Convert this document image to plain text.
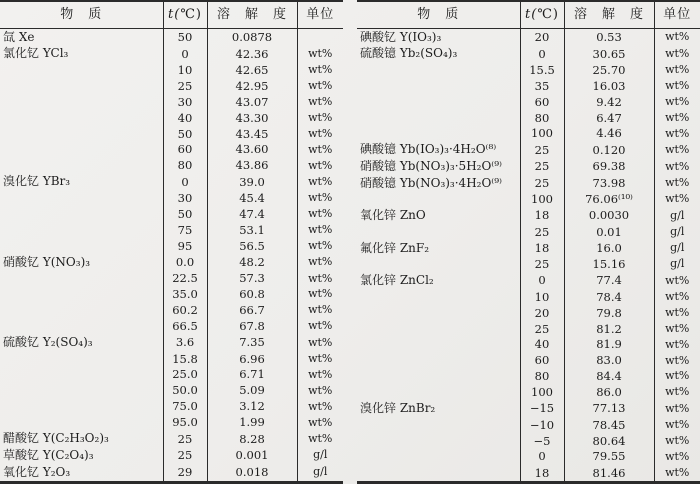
物　质	t(℃)	溶　解　度	单位
氙 Xe	50	0.0878	
氯化钇 YCl₃	0	42.36	wt%
	10	42.65	wt%
	25	42.95	wt%
	30	43.07	wt%
	40	43.30	wt%
	50	43.45	wt%
	60	43.60	wt%
	80	43.86	wt%
溴化钇 YBr₃	0	39.0	wt%
	30	45.4	wt%
	50	47.4	wt%
	75	53.1	wt%
	95	56.5	wt%
硝酸钇 Y(NO₃)₃	0.0	48.2	wt%
	22.5	57.3	wt%
	35.0	60.8	wt%
	60.2	66.7	wt%
	66.5	67.8	wt%
硫酸钇 Y₂(SO₄)₃	3.6	7.35	wt%
	15.8	6.96	wt%
	25.0	6.71	wt%
	50.0	5.09	wt%
	75.0	3.12	wt%
	95.0	1.99	wt%
醋酸钇 Y(C₂H₃O₂)₃	25	8.28	wt%
草酸钇 Y(C₂O₄)₃	25	0.001	g/l
氧化钇 Y₂O₃	29	0.018	g/l
物　质	t(℃)	溶　解　度	单位
碘酸钇 Y(IO₃)₃	20	0.53	wt%
硫酸镱 Yb₂(SO₄)₃	0	30.65	wt%
	15.5	25.70	wt%
	35	16.03	wt%
	60	9.42	wt%
	80	6.47	wt%
	100	4.46	wt%
碘酸镱 Yb(IO₃)₃·4H₂O⁽⁸⁾	25	0.120	wt%
硝酸镱 Yb(NO₃)₃·5H₂O⁽⁹⁾	25	69.38	wt%
硝酸镱 Yb(NO₃)₃·4H₂O⁽⁹⁾	25	73.98	wt%
	100	76.06⁽¹⁰⁾	wt%
氧化锌 ZnO	18	0.0030	g/l
	25	0.01	g/l
氟化锌 ZnF₂	18	16.0	g/l
	25	15.16	g/l
氯化锌 ZnCl₂	0	77.4	wt%
	10	78.4	wt%
	20	79.8	wt%
	25	81.2	wt%
	40	81.9	wt%
	60	83.0	wt%
	80	84.4	wt%
	100	86.0	wt%
溴化锌 ZnBr₂	−15	77.13	wt%
	−10	78.45	wt%
	−5	80.64	wt%
	0	79.55	wt%
	18	81.46	wt%
